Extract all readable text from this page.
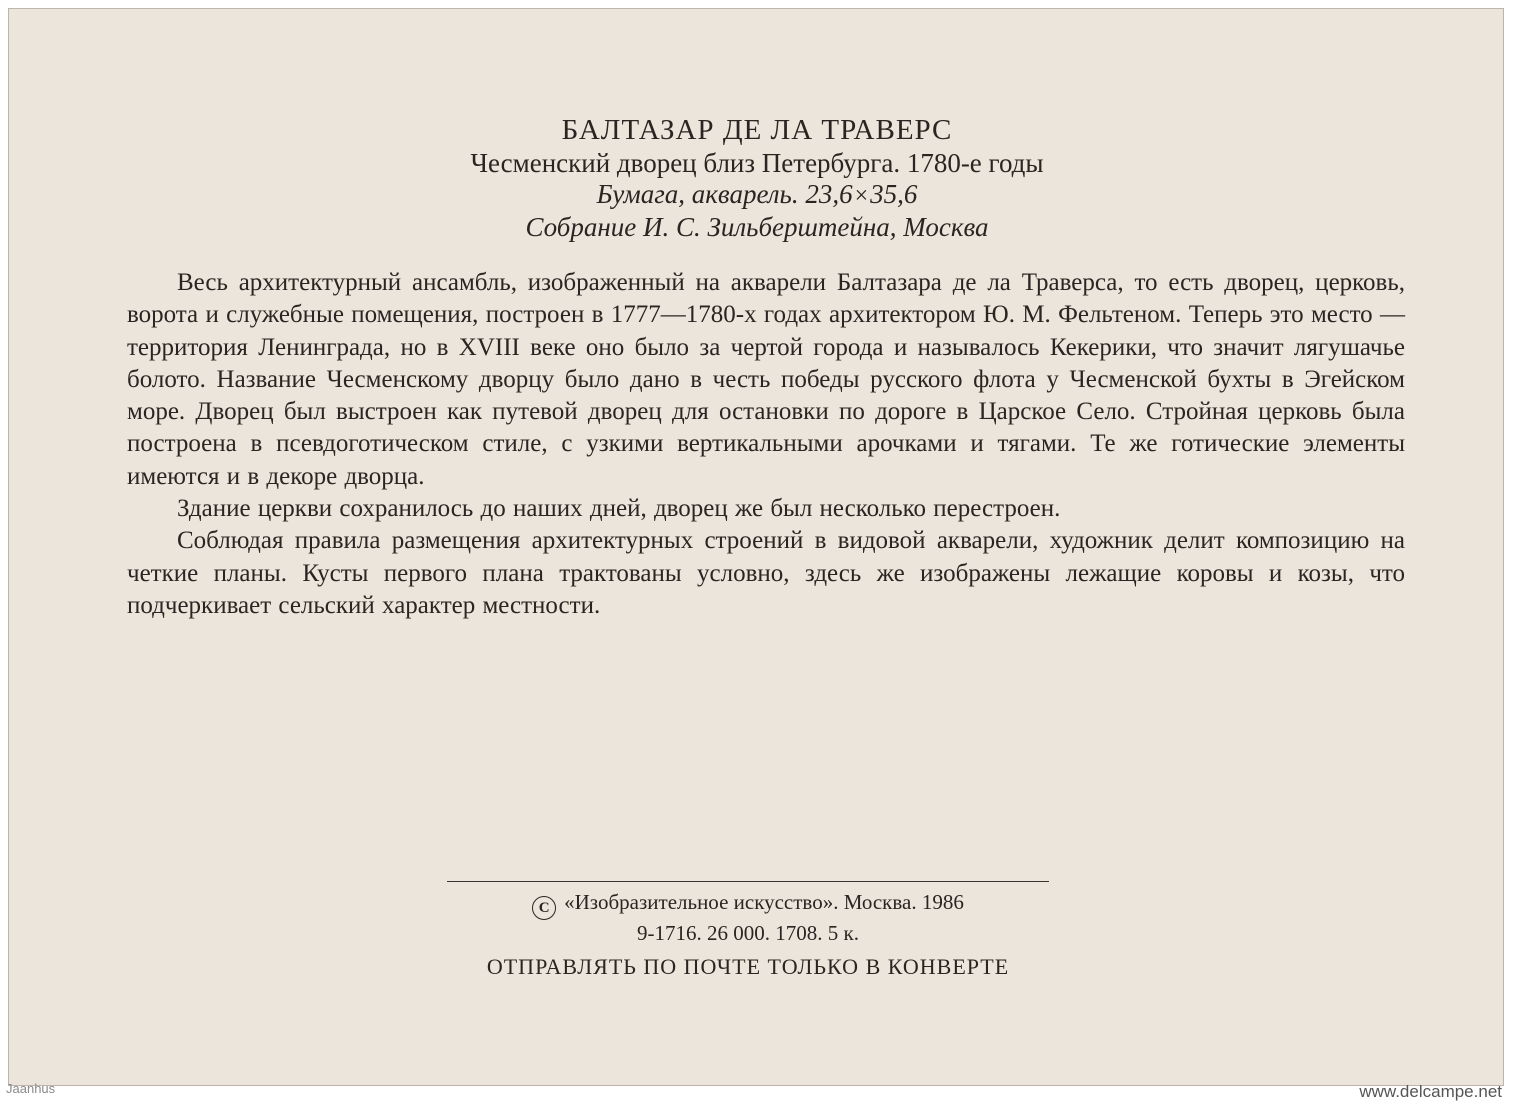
БАЛТАЗАР ДЕ ЛА ТРАВЕРС
Чесменский дворец близ Петербурга. 1780-е годы
Бумага, акварель. 23,6×35,6
Собрание И. С. Зильберштейна, Москва

Весь архитектурный ансамбль, изображенный на акварели Балтазара де ла Траверса, то есть дворец, церковь, ворота и служебные помещения, построен в 1777—1780-х годах архитектором Ю. М. Фельтеном. Теперь это место — территория Ленинграда, но в XVIII веке оно было за чертой города и называлось Кекерики, что значит лягушачье болото. Название Чесменскому дворцу было дано в честь победы русского флота у Чесменской бухты в Эгейском море. Дворец был выстроен как путевой дворец для остановки по дороге в Царское Село. Стройная церковь была построена в псевдоготическом стиле, с узкими вертикальными арочками и тягами. Те же готические элементы имеются и в декоре дворца.

Здание церкви сохранилось до наших дней, дворец же был несколько перестроен.

Соблюдая правила размещения архитектурных строений в видовой акварели, художник делит композицию на четкие планы. Кусты первого плана трактованы условно, здесь же изображены лежащие коровы и козы, что подчеркивает сельский характер местности.

C «Изобразительное искусство». Москва. 1986
9-1716. 26 000. 1708. 5 к.
ОТПРАВЛЯТЬ ПО ПОЧТЕ ТОЛЬКО В КОНВЕРТЕ
Jaanhus	www.delcampe.net
